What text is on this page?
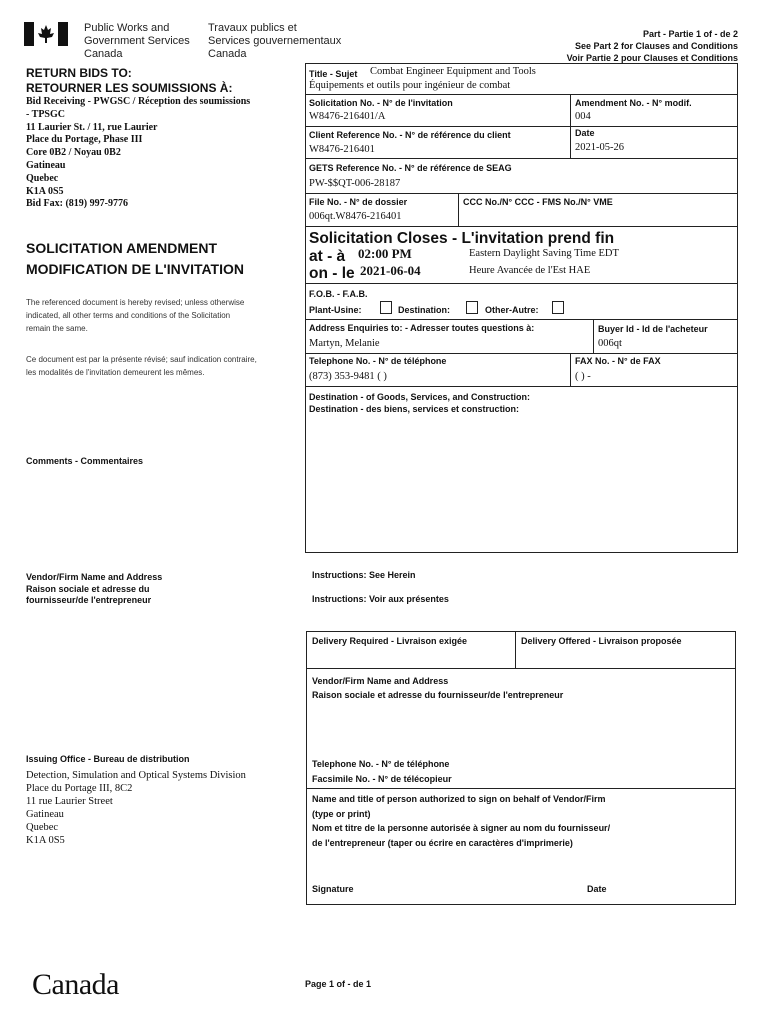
Public Works and
Government Services
Canada
Travaux publics et
Services gouvernementaux
Canada
Part - Partie 1 of - de 2
See Part 2 for Clauses and Conditions
Voir Partie 2 pour Clauses et Conditions
RETURN BIDS TO:
RETOURNER LES SOUMISSIONS À:
Bid Receiving - PWGSC / Réception des soumissions
- TPSGC
11 Laurier St. / 11, rue Laurier
Place du Portage, Phase III
Core 0B2 / Noyau 0B2
Gatineau
Quebec
K1A 0S5
Bid Fax: (819) 997-9776
SOLICITATION AMENDMENT
MODIFICATION DE L'INVITATION
The referenced document is hereby revised; unless otherwise
indicated, all other terms and conditions of the Solicitation
remain the same.
Ce document est par la présente révisé; sauf indication contraire,
les modalités de l'invitation demeurent les mêmes.
Comments - Commentaires
Vendor/Firm Name and Address
Raison sociale et adresse du
fournisseur/de l'entrepreneur
Issuing Office - Bureau de distribution
Detection, Simulation and Optical Systems Division
Place du Portage III, 8C2
11 rue Laurier Street
Gatineau
Quebec
K1A 0S5
Title - Sujet Combat Engineer Equipment and Tools
Équipements et outils pour ingénieur de combat
Solicitation No. - N° de l'invitation
W8476-216401/A
Amendment No. - N° modif.
004
Client Reference No. - N° de référence du client
W8476-216401
Date
2021-05-26
GETS Reference No. - N° de référence de SEAG
PW-$$QT-006-28187
File No. - N° de dossier
006qt.W8476-216401
CCC No./N° CCC - FMS No./N° VME
Solicitation Closes - L'invitation prend fin
at - à 02:00 PM	Eastern Daylight Saving Time EDT
on - le 2021-06-04	Heure Avancée de l'Est HAE
F.O.B. - F.A.B.
Plant-Usine:	Destination:	Other-Autre:
Address Enquiries to: - Adresser toutes questions à:
Martyn, Melanie
Buyer Id - Id de l'acheteur
006qt
Telephone No. - N° de téléphone
(873) 353-9481 ( )
FAX No. - N° de FAX
( ) -
Destination - of Goods, Services, and Construction:
Destination - des biens, services et construction:
Instructions: See Herein
Instructions: Voir aux présentes
Delivery Required - Livraison exigée	Delivery Offered - Livraison proposée
Vendor/Firm Name and Address
Raison sociale et adresse du fournisseur/de l'entrepreneur
Telephone No. - N° de téléphone
Facsimile No. - N° de télécopieur
Name and title of person authorized to sign on behalf of Vendor/Firm
(type or print)
Nom et titre de la personne autorisée à signer au nom du fournisseur/
de l'entrepreneur (taper ou écrire en caractères d'imprimerie)
Signature	Date
Canada	Page 1 of - de 1
